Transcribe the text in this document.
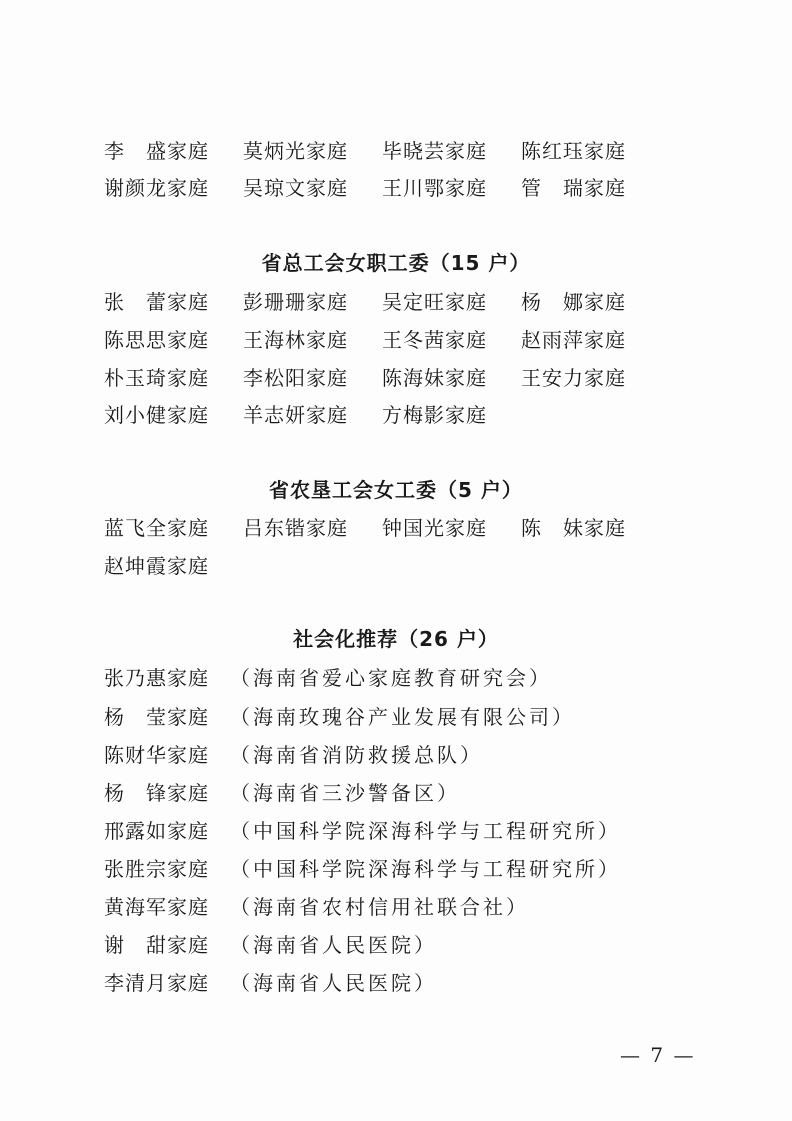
李　盛家庭 莫炳光家庭 毕晓芸家庭 陈红珏家庭
谢颜龙家庭 吴琼文家庭 王川鄂家庭 管　瑞家庭
省总工会女职工委（15 户）
张　蕾家庭 彭珊珊家庭 吴定旺家庭 杨　娜家庭
陈思思家庭 王海林家庭 王冬茜家庭 赵雨萍家庭
朴玉琦家庭 李松阳家庭 陈海妹家庭 王安力家庭
刘小健家庭 羊志妍家庭 方梅影家庭
省农垦工会女工委（5 户）
蓝飞全家庭 吕东锴家庭 钟国光家庭 陈　妹家庭
赵坤霞家庭
社会化推荐（26 户）
张乃惠家庭 （海南省爱心家庭教育研究会）
杨　莹家庭 （海南玫瑰谷产业发展有限公司）
陈财华家庭 （海南省消防救援总队）
杨　锋家庭 （海南省三沙警备区）
邢露如家庭 （中国科学院深海科学与工程研究所）
张胜宗家庭 （中国科学院深海科学与工程研究所）
黄海军家庭 （海南省农村信用社联合社）
谢　甜家庭 （海南省人民医院）
李清月家庭 （海南省人民医院）
— 7 —
